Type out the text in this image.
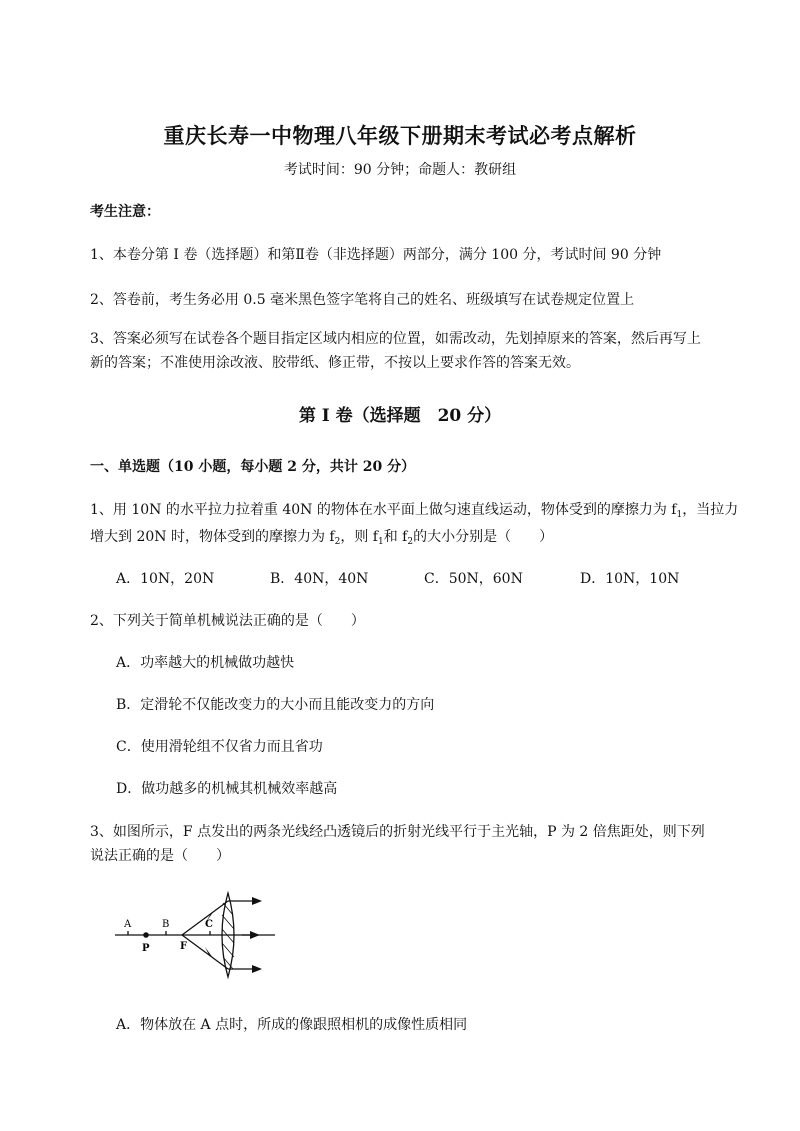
重庆长寿一中物理八年级下册期末考试必考点解析
考试时间：90 分钟；命题人：教研组
考生注意：
1、本卷分第 I 卷（选择题）和第Ⅱ卷（非选择题）两部分，满分 100 分，考试时间 90 分钟
2、答卷前，考生务必用 0.5 毫米黑色签字笔将自己的姓名、班级填写在试卷规定位置上
3、答案必须写在试卷各个题目指定区域内相应的位置，如需改动，先划掉原来的答案，然后再写上新的答案；不准使用涂改液、胶带纸、修正带，不按以上要求作答的答案无效。
第 I 卷（选择题　20 分）
一、单选题（10 小题，每小题 2 分，共计 20 分）
1、用 10N 的水平拉力拉着重 40N 的物体在水平面上做匀速直线运动，物体受到的摩擦力为 $f_1$，当拉力
增大到 20N 时，物体受到的摩擦力为 $f_2$，则 $f_1$和 $f_2$的大小分别是（　　）
A．10N，20N	B．40N，40N	C．50N，60N	D．10N，10N
2、下列关于简单机械说法正确的是（　　）
A．功率越大的机械做功越快
B．定滑轮不仅能改变力的大小而且能改变力的方向
C．使用滑轮组不仅省力而且省功
D．做功越多的机械其机械效率越高
3、如图所示，F 点发出的两条光线经凸透镜后的折射光线平行于主光轴，P 为 2 倍焦距处，则下列说法正确的是（　　）
A	B	C
P	F
A．物体放在 A 点时，所成的像跟照相机的成像性质相同
